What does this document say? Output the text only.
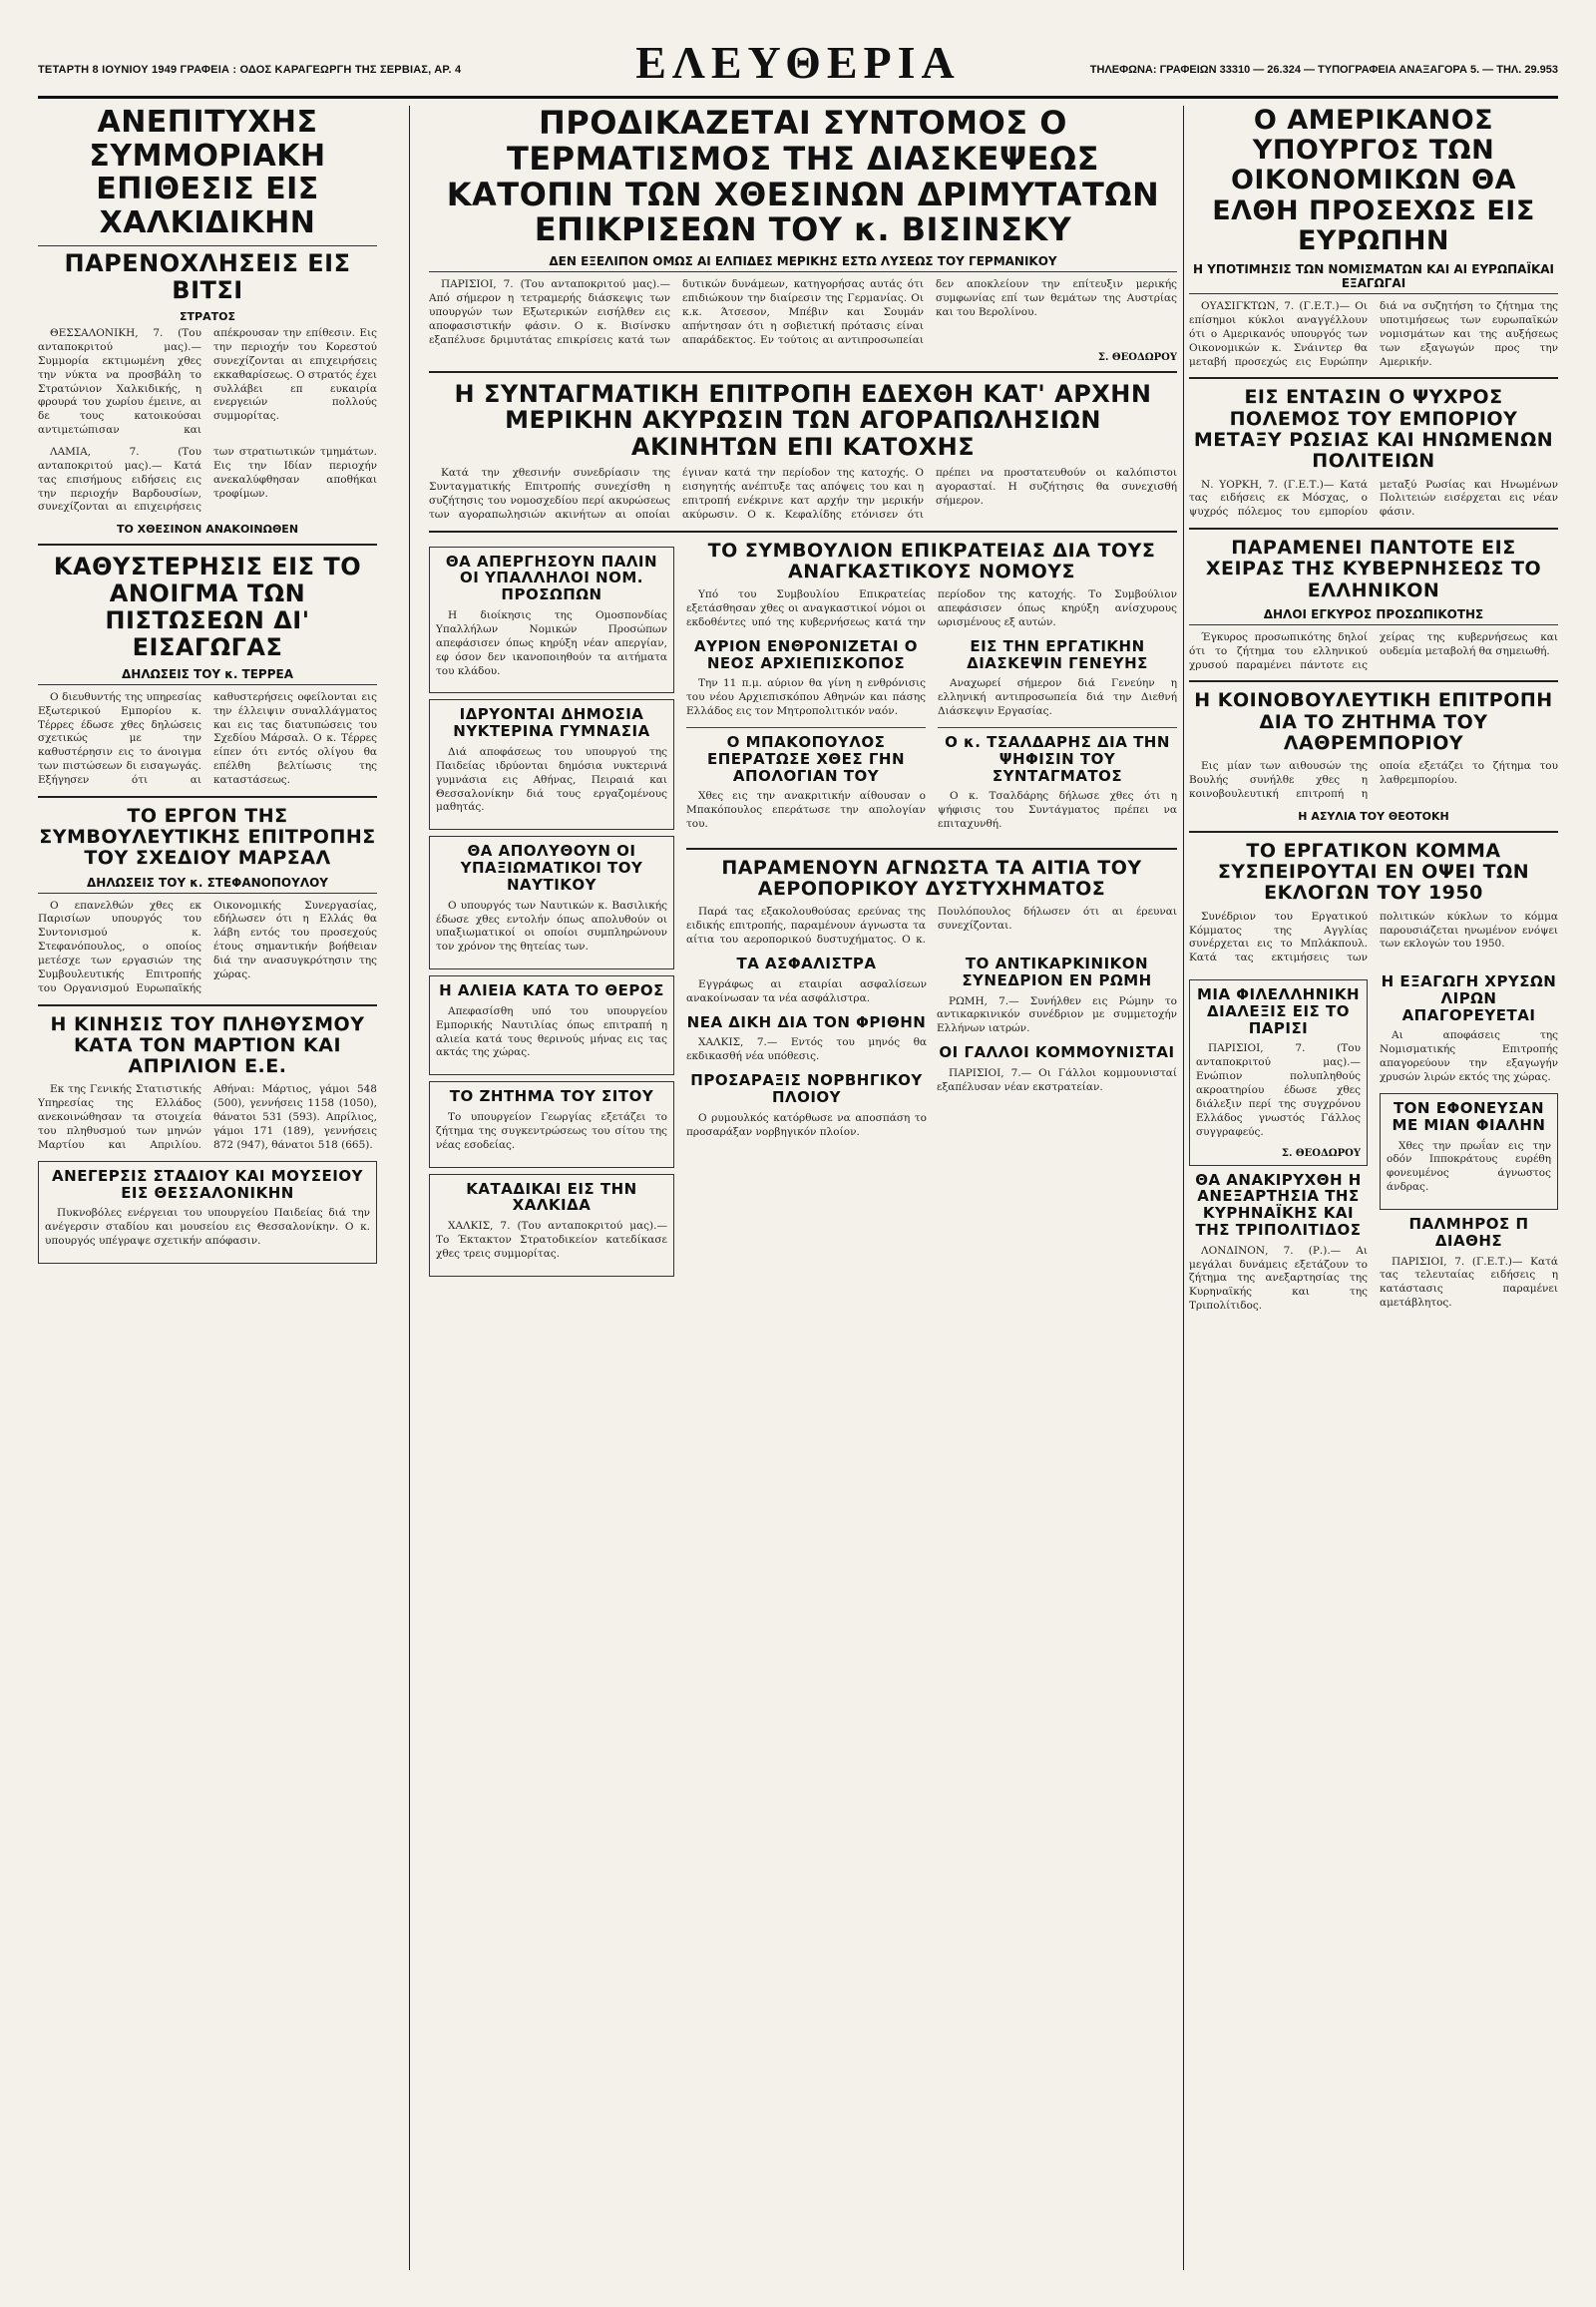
ΤΕΤΑΡΤΗ 8 ΙΟΥΝΙΟΥ 1949 ΓΡΑΦΕΙΑ : ΟΔΟΣ ΚΑΡΑΓΕΩΡΓΗ ΤΗΣ ΣΕΡΒΙΑΣ, ΑΡ. 4	ΕΛΕΥΘΕΡΙΑ	ΤΗΛΕΦΩΝΑ: ΓΡΑΦΕΙΩΝ 33310 — 26.324 — ΤΥΠΟΓΡΑΦΕΙΑ ΑΝΑΞΑΓΟΡΑ 5. — ΤΗΛ. 29.953
ΑΝΕΠΙΤΥΧΗΣ ΣΥΜΜΟΡΙΑΚΗ ΕΠΙΘΕΣΙΣ ΕΙΣ ΧΑΛΚΙΔΙΚΗΝ
ΠΑΡΕΝΟΧΛΗΣΕΙΣ ΕΙΣ ΒΙΤΣΙ
ΣΤΡΑΤΟΣ
ΘΕΣΣΑΛΟΝΙΚΗ, 7. (Του ανταποκριτού μας).— Συμμορία εκτιμωμένη χθες την νύκτα να προσβάλη το Στρατώνιον Χαλκιδικής, η φρουρά του χωρίου έμεινε, αι δε τους κατοικούσαι αντιμετώπισαν και απέκρουσαν την επίθεσιν. Εις την περιοχήν του Κορεστού συνεχίζονται αι επιχειρήσεις εκκαθαρίσεως. Ο στρατός έχει συλλάβει επ ευκαιρία ενεργειών πολλούς συμμορίτας.
ΛΑΜΙΑ, 7. (Του ανταποκριτού μας).— Κατά τας επισήμους ειδήσεις εις την περιοχήν Βαρδουσίων, συνεχίζονται αι επιχειρήσεις των στρατιωτικών τμημάτων. Εις την Ιδίαν περιοχήν ανεκαλύφθησαν αποθήκαι τροφίμων.
ΤΟ ΧΘΕΣΙΝΟΝ ΑΝΑΚΟΙΝΩΘΕΝ
ΚΑΘΥΣΤΕΡΗΣΙΣ ΕΙΣ ΤΟ ΑΝΟΙΓΜΑ ΤΩΝ ΠΙΣΤΩΣΕΩΝ ΔΙ' ΕΙΣΑΓΩΓΑΣ
ΔΗΛΩΣΕΙΣ ΤΟΥ κ. ΤΕΡΡΕΑ
Ο διευθυντής της υπηρεσίας Εξωτερικού Εμπορίου κ. Τέρρες έδωσε χθες δηλώσεις σχετικώς με την καθυστέρησιν εις το άνοιγμα των πιστώσεων δι εισαγωγάς. Εξήγησεν ότι αι καθυστερήσεις οφείλονται εις την έλλειψιν συναλλάγματος και εις τας διατυπώσεις του Σχεδίου Μάρσαλ. Ο κ. Τέρρες είπεν ότι εντός ολίγου θα επέλθη βελτίωσις της καταστάσεως.
ΤΟ ΕΡΓΟΝ ΤΗΣ ΣΥΜΒΟΥΛΕΥΤΙΚΗΣ ΕΠΙΤΡΟΠΗΣ ΤΟΥ ΣΧΕΔΙΟΥ ΜΑΡΣΑΛ
ΔΗΛΩΣΕΙΣ ΤΟΥ κ. ΣΤΕΦΑΝΟΠΟΥΛΟΥ
Ο επανελθών χθες εκ Παρισίων υπουργός του Συντονισμού κ. Στεφανόπουλος, ο οποίος μετέσχε των εργασιών της Συμβουλευτικής Επιτροπής του Οργανισμού Ευρωπαϊκής Οικονομικής Συνεργασίας, εδήλωσεν ότι η Ελλάς θα λάβη εντός του προσεχούς έτους σημαντικήν βοήθειαν διά την ανασυγκρότησιν της χώρας.
Η ΚΙΝΗΣΙΣ ΤΟΥ ΠΛΗΘΥΣΜΟΥ ΚΑΤΑ ΤΟΝ ΜΑΡΤΙΟΝ ΚΑΙ ΑΠΡΙΛΙΟΝ Ε.Ε.
Εκ της Γενικής Στατιστικής Υπηρεσίας της Ελλάδος ανεκοινώθησαν τα στοιχεία του πληθυσμού των μηνών Μαρτίου και Απριλίου. Αθήναι: Μάρτιος, γάμοι 548 (500), γεννήσεις 1158 (1050), θάνατοι 531 (593). Απρίλιος, γάμοι 171 (189), γεννήσεις 872 (947), θάνατοι 518 (665).
ΑΝΕΓΕΡΣΙΣ ΣΤΑΔΙΟΥ ΚΑΙ ΜΟΥΣΕΙΟΥ ΕΙΣ ΘΕΣΣΑΛΟΝΙΚΗΝ
Πυκνοβόλες ενέργειαι του υπουργείου Παιδείας διά την ανέγερσιν σταδίου και μουσείου εις Θεσσαλονίκην. Ο κ. υπουργός υπέγραψε σχετικήν απόφασιν.
ΠΡΟΔΙΚΑΖΕΤΑΙ ΣΥΝΤΟΜΟΣ Ο ΤΕΡΜΑΤΙΣΜΟΣ ΤΗΣ ΔΙΑΣΚΕΨΕΩΣ ΚΑΤΟΠΙΝ ΤΩΝ ΧΘΕΣΙΝΩΝ ΔΡΙΜΥΤΑΤΩΝ ΕΠΙΚΡΙΣΕΩΝ ΤΟΥ κ. ΒΙΣΙΝΣΚΥ
ΔΕΝ ΕΞΕΛΙΠΟΝ ΟΜΩΣ ΑΙ ΕΛΠΙΔΕΣ ΜΕΡΙΚΗΣ ΕΣΤΩ ΛΥΣΕΩΣ ΤΟΥ ΓΕΡΜΑΝΙΚΟΥ
ΠΑΡΙΣΙΟΙ, 7. (Του ανταποκριτού μας).— Από σήμερον η τετραμερής διάσκεψις των υπουργών των Εξωτερικών εισήλθεν εις αποφασιστικήν φάσιν. Ο κ. Βισίνσκυ εξαπέλυσε δριμυτάτας επικρίσεις κατά των δυτικών δυνάμεων, κατηγορήσας αυτάς ότι επιδιώκουν την διαίρεσιν της Γερμανίας. Οι κ.κ. Άτσεσον, Μπέβιν και Σουμάν απήντησαν ότι η σοβιετική πρότασις είναι απαράδεκτος. Εν τούτοις αι αντιπροσωπείαι δεν αποκλείουν την επίτευξιν μερικής συμφωνίας επί των θεμάτων της Αυστρίας και του Βερολίνου.
Σ. ΘΕΟΔΩΡΟΥ
Η ΣΥΝΤΑΓΜΑΤΙΚΗ ΕΠΙΤΡΟΠΗ ΕΔΕΧΘΗ ΚΑΤ' ΑΡΧΗΝ ΜΕΡΙΚΗΝ ΑΚΥΡΩΣΙΝ ΤΩΝ ΑΓΟΡΑΠΩΛΗΣΙΩΝ ΑΚΙΝΗΤΩΝ ΕΠΙ ΚΑΤΟΧΗΣ
Κατά την χθεσινήν συνεδρίασιν της Συνταγματικής Επιτροπής συνεχίσθη η συζήτησις του νομοσχεδίου περί ακυρώσεως των αγοραπωλησιών ακινήτων αι οποίαι έγιναν κατά την περίοδον της κατοχής. Ο εισηγητής ανέπτυξε τας απόψεις του και η επιτροπή ενέκρινε κατ αρχήν την μερικήν ακύρωσιν. Ο κ. Κεφαλίδης ετόνισεν ότι πρέπει να προστατευθούν οι καλόπιστοι αγορασταί. Η συζήτησις θα συνεχισθή σήμερον.
ΘΑ ΑΠΕΡΓΗΣΟΥΝ ΠΑΛΙΝ ΟΙ ΥΠΑΛΛΗΛΟΙ ΝΟΜ. ΠΡΟΣΩΠΩΝ
Η διοίκησις της Ομοσπονδίας Υπαλλήλων Νομικών Προσώπων απεφάσισεν όπως κηρύξη νέαν απεργίαν, εφ όσον δεν ικανοποιηθούν τα αιτήματα του κλάδου.
ΙΔΡΥΟΝΤΑΙ ΔΗΜΟΣΙΑ ΝΥΚΤΕΡΙΝΑ ΓΥΜΝΑΣΙΑ
Διά αποφάσεως του υπουργού της Παιδείας ιδρύονται δημόσια νυκτερινά γυμνάσια εις Αθήνας, Πειραιά και Θεσσαλονίκην διά τους εργαζομένους μαθητάς.
ΘΑ ΑΠΟΛΥΘΟΥΝ ΟΙ ΥΠΑΞΙΩΜΑΤΙΚΟΙ ΤΟΥ ΝΑΥΤΙΚΟΥ
Ο υπουργός των Ναυτικών κ. Βασιλικής έδωσε χθες εντολήν όπως απολυθούν οι υπαξιωματικοί οι οποίοι συμπληρώνουν τον χρόνον της θητείας των.
Η ΑΛΙΕΙΑ ΚΑΤΑ ΤΟ ΘΕΡΟΣ
Απεφασίσθη υπό του υπουργείου Εμπορικής Ναυτιλίας όπως επιτραπή η αλιεία κατά τους θερινούς μήνας εις τας ακτάς της χώρας.
ΤΟ ΖΗΤΗΜΑ ΤΟΥ ΣΙΤΟΥ
Το υπουργείον Γεωργίας εξετάζει το ζήτημα της συγκεντρώσεως του σίτου της νέας εσοδείας.
ΚΑΤΑΔΙΚΑΙ ΕΙΣ ΤΗΝ ΧΑΛΚΙΔΑ
ΧΑΛΚΙΣ, 7. (Του ανταποκριτού μας).— Το Έκτακτον Στρατοδικείον κατεδίκασε χθες τρεις συμμορίτας.
ΤΟ ΣΥΜΒΟΥΛΙΟΝ ΕΠΙΚΡΑΤΕΙΑΣ ΔΙΑ ΤΟΥΣ ΑΝΑΓΚΑΣΤΙΚΟΥΣ ΝΟΜΟΥΣ
Υπό του Συμβουλίου Επικρατείας εξετάσθησαν χθες οι αναγκαστικοί νόμοι οι εκδοθέντες υπό της κυβερνήσεως κατά την περίοδον της κατοχής. Το Συμβούλιον απεφάσισεν όπως κηρύξη ανίσχυρους ωρισμένους εξ αυτών.
ΑΥΡΙΟΝ ΕΝΘΡΟΝΙΖΕΤΑΙ Ο ΝΕΟΣ ΑΡΧΙΕΠΙΣΚΟΠΟΣ
Την 11 π.μ. αύριον θα γίνη η ενθρόνισις του νέου Αρχιεπισκόπου Αθηνών και πάσης Ελλάδος εις τον Μητροπολιτικόν ναόν.
Ο ΜΠΑΚΟΠΟΥΛΟΣ ΕΠΕΡΑΤΩΣΕ ΧΘΕΣ ΓΗΝ ΑΠΟΛΟΓΙΑΝ ΤΟΥ
Χθες εις την ανακριτικήν αίθουσαν ο Μπακόπουλος επεράτωσε την απολογίαν του.
ΕΙΣ ΤΗΝ ΕΡΓΑΤΙΚΗΝ ΔΙΑΣΚΕΨΙΝ ΓΕΝΕΥΗΣ
Αναχωρεί σήμερον διά Γενεύην η ελληνική αντιπροσωπεία διά την Διεθνή Διάσκεψιν Εργασίας.
Ο κ. ΤΣΑΛΔΑΡΗΣ ΔΙΑ ΤΗΝ ΨΗΦΙΣΙΝ ΤΟΥ ΣΥΝΤΑΓΜΑΤΟΣ
Ο κ. Τσαλδάρης δήλωσε χθες ότι η ψήφισις του Συντάγματος πρέπει να επιταχυνθή.
ΠΑΡΑΜΕΝΟΥΝ ΑΓΝΩΣΤΑ ΤΑ ΑΙΤΙΑ ΤΟΥ ΑΕΡΟΠΟΡΙΚΟΥ ΔΥΣΤΥΧΗΜΑΤΟΣ
Παρά τας εξακολουθούσας ερεύνας της ειδικής επιτροπής, παραμένουν άγνωστα τα αίτια του αεροπορικού δυστυχήματος. Ο κ. Πουλόπουλος δήλωσεν ότι αι έρευναι συνεχίζονται.
ΤΑ ΑΣΦΑΛΙΣΤΡΑ
Εγγράφως αι εταιρίαι ασφαλίσεων ανακοίνωσαν τα νέα ασφάλιστρα.
ΝΕΑ ΔΙΚΗ ΔΙΑ ΤΟΝ ΦΡΙΘΗΝ
ΧΑΛΚΙΣ, 7.— Εντός του μηνός θα εκδικασθή νέα υπόθεσις.
ΠΡΟΣΑΡΑΞΙΣ ΝΟΡΒΗΓΙΚΟΥ ΠΛΟΙΟΥ
Ο ρυμουλκός κατόρθωσε να αποσπάση το προσαράξαν νορβηγικόν πλοίον.
ΤΟ ΑΝΤΙΚΑΡΚΙΝΙΚΟΝ ΣΥΝΕΔΡΙΟΝ ΕΝ ΡΩΜΗ
ΡΩΜΗ, 7.— Συνήλθεν εις Ρώμην το αντικαρκινικόν συνέδριον με συμμετοχήν Ελλήνων ιατρών.
ΟΙ ΓΑΛΛΟΙ ΚΟΜΜΟΥΝΙΣΤΑΙ
ΠΑΡΙΣΙΟΙ, 7.— Οι Γάλλοι κομμουνισταί εξαπέλυσαν νέαν εκστρατείαν.
Ο ΑΜΕΡΙΚΑΝΟΣ ΥΠΟΥΡΓΟΣ ΤΩΝ ΟΙΚΟΝΟΜΙΚΩΝ ΘΑ ΕΛΘΗ ΠΡΟΣΕΧΩΣ ΕΙΣ ΕΥΡΩΠΗΝ
Η ΥΠΟΤΙΜΗΣΙΣ ΤΩΝ ΝΟΜΙΣΜΑΤΩΝ ΚΑΙ ΑΙ ΕΥΡΩΠΑΪΚΑΙ ΕΞΑΓΩΓΑΙ
ΟΥΑΣΙΓΚΤΩΝ, 7. (Γ.Ε.Τ.)— Οι επίσημοι κύκλοι αναγγέλλουν ότι ο Αμερικανός υπουργός των Οικονομικών κ. Σνάιντερ θα μεταβή προσεχώς εις Ευρώπην διά να συζητήση το ζήτημα της υποτιμήσεως των ευρωπαϊκών νομισμάτων και της αυξήσεως των εξαγωγών προς την Αμερικήν.
ΕΙΣ ΕΝΤΑΣΙΝ Ο ΨΥΧΡΟΣ ΠΟΛΕΜΟΣ ΤΟΥ ΕΜΠΟΡΙΟΥ ΜΕΤΑΞΥ ΡΩΣΙΑΣ ΚΑΙ ΗΝΩΜΕΝΩΝ ΠΟΛΙΤΕΙΩΝ
Ν. ΥΟΡΚΗ, 7. (Γ.Ε.Τ.)— Κατά τας ειδήσεις εκ Μόσχας, ο ψυχρός πόλεμος του εμπορίου μεταξύ Ρωσίας και Ηνωμένων Πολιτειών εισέρχεται εις νέαν φάσιν.
ΠΑΡΑΜΕΝΕΙ ΠΑΝΤΟΤΕ ΕΙΣ ΧΕΙΡΑΣ ΤΗΣ ΚΥΒΕΡΝΗΣΕΩΣ ΤΟ ΕΛΛΗΝΙΚΟΝ
ΔΗΛΟΙ ΕΓΚΥΡΟΣ ΠΡΟΣΩΠΙΚΟΤΗΣ
Έγκυρος προσωπικότης δηλοί ότι το ζήτημα του ελληνικού χρυσού παραμένει πάντοτε εις χείρας της κυβερνήσεως και ουδεμία μεταβολή θα σημειωθή.
Η ΚΟΙΝΟΒΟΥΛΕΥΤΙΚΗ ΕΠΙΤΡΟΠΗ ΔΙΑ ΤΟ ΖΗΤΗΜΑ ΤΟΥ ΛΑΘΡΕΜΠΟΡΙΟΥ
Εις μίαν των αιθουσών της Βουλής συνήλθε χθες η κοινοβουλευτική επιτροπή η οποία εξετάζει το ζήτημα του λαθρεμπορίου.
Η ΑΣΥΛΙΑ ΤΟΥ ΘΕΟΤΟΚΗ
ΤΟ ΕΡΓΑΤΙΚΟΝ ΚΟΜΜΑ ΣΥΣΠΕΙΡΟΥΤΑΙ ΕΝ ΟΨΕΙ ΤΩΝ ΕΚΛΟΓΩΝ ΤΟΥ 1950
Συνέδριον του Εργατικού Κόμματος της Αγγλίας συνέρχεται εις το Μπλάκπουλ. Κατά τας εκτιμήσεις των πολιτικών κύκλων το κόμμα παρουσιάζεται ηνωμένον ενόψει των εκλογών του 1950.
ΜΙΑ ΦΙΛΕΛΛΗΝΙΚΗ ΔΙΑΛΕΞΙΣ ΕΙΣ ΤΟ ΠΑΡΙΣΙ
ΠΑΡΙΣΙΟΙ, 7. (Του ανταποκριτού μας).— Ενώπιον πολυπληθούς ακροατηρίου έδωσε χθες διάλεξιν περί της συγχρόνου Ελλάδος γνωστός Γάλλος συγγραφεύς.
Σ. ΘΕΟΔΩΡΟΥ
ΘΑ ΑΝΑΚΙΡΥΧΘΗ Η ΑΝΕΞΑΡΤΗΣΙΑ ΤΗΣ ΚΥΡΗΝΑΪΚΗΣ ΚΑΙ ΤΗΣ ΤΡΙΠΟΛΙΤΙΔΟΣ
ΛΟΝΔΙΝΟΝ, 7. (Ρ.).— Αι μεγάλαι δυνάμεις εξετάζουν το ζήτημα της ανεξαρτησίας της Κυρηναϊκής και της Τριπολίτιδος.
Η ΕΞΑΓΩΓΗ ΧΡΥΣΩΝ ΛΙΡΩΝ ΑΠΑΓΟΡΕΥΕΤΑΙ
Αι αποφάσεις της Νομισματικής Επιτροπής απαγορεύουν την εξαγωγήν χρυσών λιρών εκτός της χώρας.
ΤΟΝ ΕΦΟΝΕΥΣΑΝ ΜΕ ΜΙΑΝ ΦΙΑΛΗΝ
Χθες την πρωΐαν εις την οδόν Ιπποκράτους ευρέθη φονευμένος άγνωστος άνδρας.
ΠΑΛΜΗΡΟΣ Π ΔΙΑΘΗΣ
ΠΑΡΙΣΙΟΙ, 7. (Γ.Ε.Τ.)— Κατά τας τελευταίας ειδήσεις η κατάστασις παραμένει αμετάβλητος.
